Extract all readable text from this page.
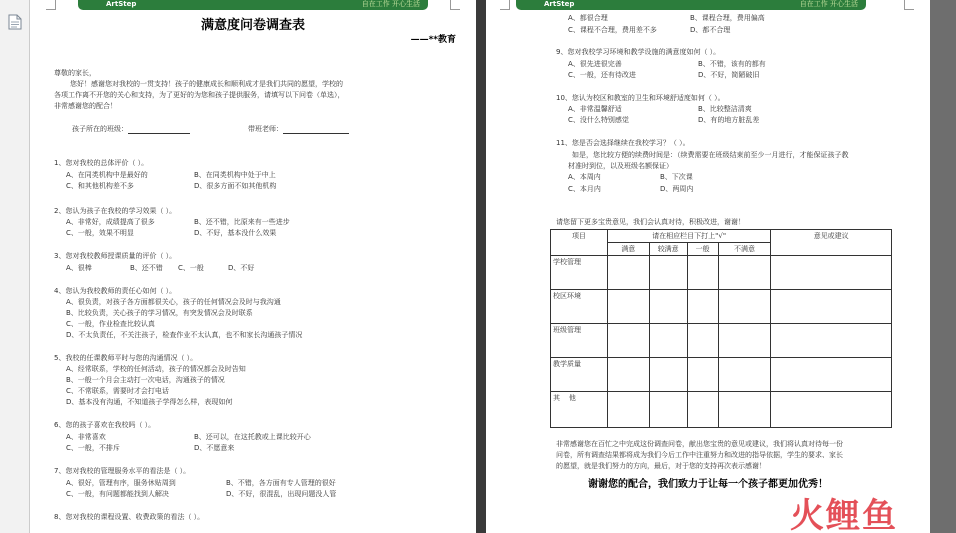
ArtStep	自在工作 开心生活
满意度问卷调查表
——**教育
尊敬的家长，
您好！感谢您对我校的一贯支持！孩子的健康成长和顺利成才是我们共同的愿望，学校的
各项工作离不开您的关心和支持，为了更好的为您和孩子提供服务，请填写以下问卷（单选），
非常感谢您的配合！
孩子所在的班级：	带班老师：
1、您对我校的总体评价（ ）。
A、在同类机构中是最好的	B、在同类机构中处于中上
C、和其他机构差不多	D、很多方面不如其他机构
2、您认为孩子在我校的学习效果（ ）。
A、非常好，成绩提高了很多	B、还不错，比原来有一些进步
C、一般，效果不明显	D、不好，基本没什么效果
3、您对我校教师授课质量的评价（ ）。
A、很棒	B、还不错 C、一般	D、不好
4、您认为我校教师的责任心如何（ ）。
A、很负责，对孩子各方面都很关心，孩子的任何情况会及时与我沟通
B、比较负责，关心孩子的学习情况，有突发情况会及时联系
C、一般，作业检查比较认真
D、不太负责任，不关注孩子，检查作业不太认真，也不和家长沟通孩子情况
5、我校的任课教师平时与您的沟通情况（ ）。
A、经常联系，学校的任何活动，孩子的情况都会及时告知
B、一般一个月会主动打一次电话，沟通孩子的情况
C、不常联系，需要时才会打电话
D、基本没有沟通，不知道孩子学得怎么样，表现如何
6、您的孩子喜欢在我校吗（ ）。
A、非常喜欢	B、还可以，在这托教或上课比较开心
C、一般，不排斥	D、不愿意来
7、您对我校的管理服务水平的看法是（ ）。
A、很好，管理有序，服务休贴周到	B、不错，各方面有专人管理的很好
C、一般，有问题都能找到人解决	D、不好，很混乱，出现问题没人管
8、您对我校的课程设置、收费政策的看法（ ）。
ArtStep	自在工作 开心生活
A、都很合理	B、课程合理，费用偏高
C、课程不合理，费用差不多	D、都不合理
9、您对我校学习环境和教学设施的满意度如何（ ）。
A、很先进很完善	B、不错，该有的都有
C、一般，还有待改进	D、不好，简陋破旧
10、您认为校区和教室的卫生和环境舒适度如何（ ）。
A、非常温馨舒适	B、比较整洁清爽
C、没什么特别感觉	D、有的地方脏乱差
11、您是否会选择继续在我校学习？（ ）。
如是，您比较方便的续费时间是：（续费需要在班级结束前至少一月进行，才能保证孩子教
材准时到位，以及班级名额保证）
A、本周内	B、下次课
C、本月内	D、两周内
请您留下更多宝贵意见，我们会认真对待，积极改进，谢谢！
项目	请在相应栏目下打上"√"				意见或建议
	满意	较满意	一般	不满意	
学校管理					
校区环境					
班级管理					
教学质量					
其    他					
非常感谢您在百忙之中完成这份调查问卷，献出您宝贵的意见或建议，我们将认真对待每一份
问卷，所有调查结果都将成为我们今后工作中注重努力和改进的指导依据，学生的要求、家长
的愿望，就是我们努力的方向，最后，对于您的支持再次表示感谢！
谢谢您的配合，我们致力于让每一个孩子都更加优秀！
火鲤鱼
